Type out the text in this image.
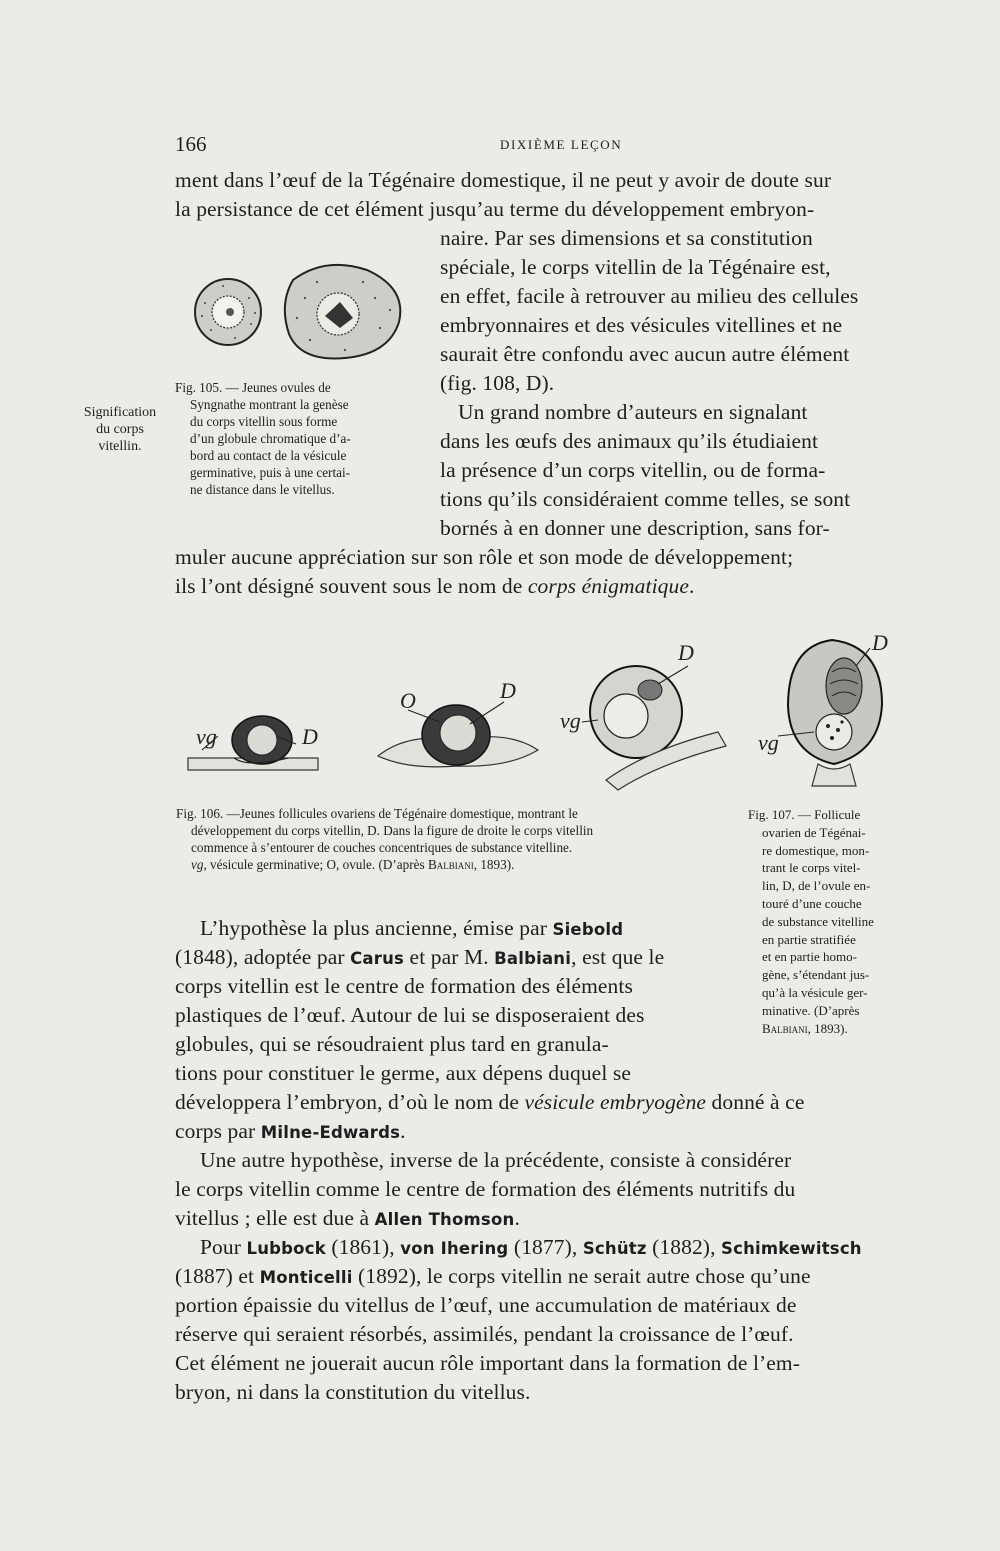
166	DIXIÈME LEÇON
Signification
du corps
vitellin.
ment dans l’œuf de la Tégénaire domestique, il ne peut y avoir de doute sur
la persistance de cet élément jusqu’au terme du développement embryon-
naire. Par ses dimensions et sa constitution
spéciale, le corps vitellin de la Tégénaire est,
en effet, facile à retrouver au milieu des cellules
embryonnaires et des vésicules vitellines et ne
saurait être confondu avec aucun autre élément
(fig. 108, D).
Fig. 105. — Jeunes ovules de
Syngnathe montrant la genèse
du corps vitellin sous forme
d’un globule chromatique d’a-
bord au contact de la vésicule
germinative, puis à une certai-
ne distance dans le vitellus.
Un grand nombre d’auteurs en signalant
dans les œufs des animaux qu’ils étudiaient
la présence d’un corps vitellin, ou de forma-
tions qu’ils considéraient comme telles, se sont
bornés à en donner une description, sans for-
muler aucune appréciation sur son rôle et son mode de développement;
ils l’ont désigné souvent sous le nom de corps énigmatique.
vg	D
O	D
vg
D
vg
D
Fig. 106. —Jeunes follicules ovariens de Tégénaire domestique, montrant le
développement du corps vitellin, D. Dans la figure de droite le corps vitellin
commence à s’entourer de couches concentriques de substance vitelline.
vg, vésicule germinative; O, ovule. (D’après Balbiani, 1893).
Fig. 107. — Follicule
ovarien de Tégénai-
re domestique, mon-
trant le corps vitel-
lin, D, de l’ovule en-
touré d’une couche
de substance vitelline
en partie stratifiée
et en partie homo-
gène, s’étendant jus-
qu’à la vésicule ger-
minative. (D’après
Balbiani, 1893).
L’hypothèse la plus ancienne, émise par Siebold
(1848), adoptée par Carus et par M. Balbiani, est que le
corps vitellin est le centre de formation des éléments
plastiques de l’œuf. Autour de lui se disposeraient des
globules, qui se résoudraient plus tard en granula-
tions pour constituer le germe, aux dépens duquel se
développera l’embryon, d’où le nom de vésicule embryogène donné à ce
corps par Milne-Edwards.
Une autre hypothèse, inverse de la précédente, consiste à considérer
le corps vitellin comme le centre de formation des éléments nutritifs du
vitellus ; elle est due à Allen Thomson.
Pour Lubbock (1861), von Ihering (1877), Schütz (1882), Schimkewitsch
(1887) et Monticelli (1892), le corps vitellin ne serait autre chose qu’une
portion épaissie du vitellus de l’œuf, une accumulation de matériaux de
réserve qui seraient résorbés, assimilés, pendant la croissance de l’œuf.
Cet élément ne jouerait aucun rôle important dans la formation de l’em-
bryon, ni dans la constitution du vitellus.
